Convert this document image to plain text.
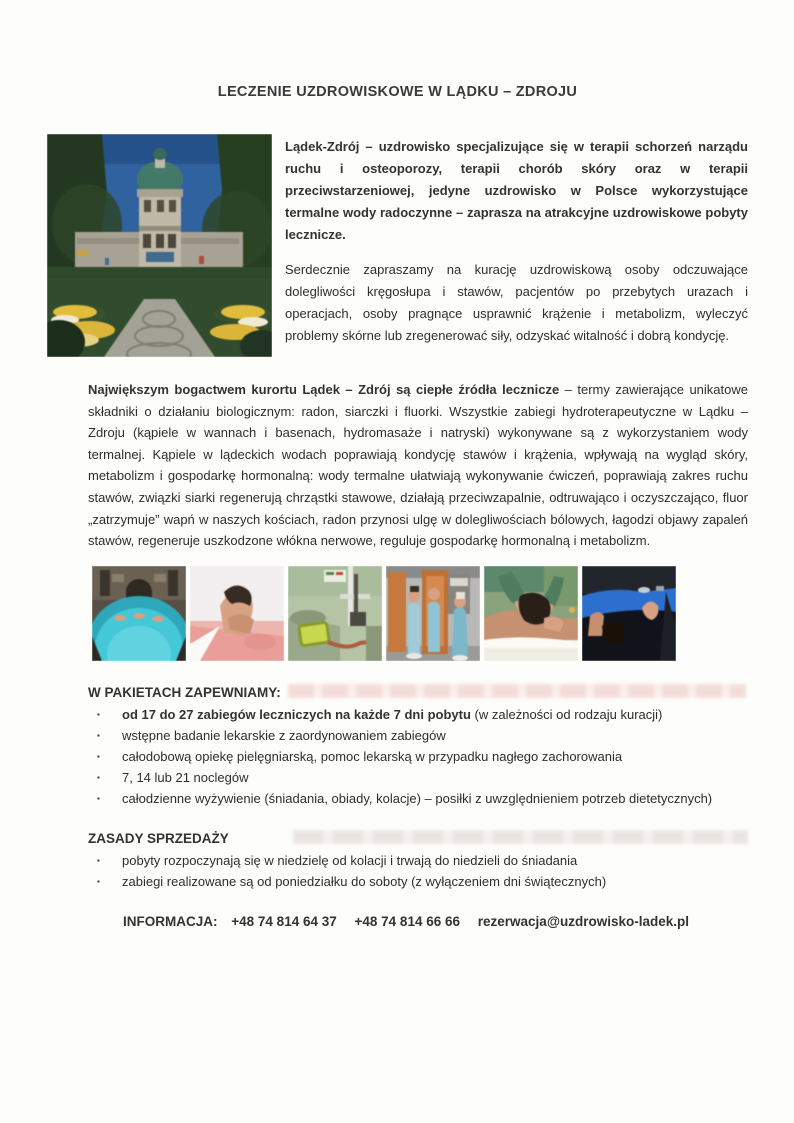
LECZENIE UZDROWISKOWE W LĄDKU – ZDROJU
Lądek-Zdrój – uzdrowisko specjalizujące się w terapii schorzeń narządu ruchu i osteoporozy, terapii chorób skóry oraz w terapii przeciwstarzeniowej, jedyne uzdrowisko w Polsce wykorzystujące termalne wody radoczynne – zaprasza na atrakcyjne uzdrowiskowe pobyty lecznicze.
Serdecznie zapraszamy na kurację uzdrowiskową osoby odczuwające dolegliwości kręgosłupa i stawów, pacjentów po przebytych urazach i operacjach, osoby pragnące usprawnić krążenie i metabolizm, wyleczyć problemy skórne lub zregenerować siły, odzyskać witalność i dobrą kondycję.
Największym bogactwem kurortu Lądek – Zdrój są ciepłe źródła lecznicze – termy zawierające unikatowe składniki o działaniu biologicznym: radon, siarczki i fluorki. Wszystkie zabiegi hydroterapeutyczne w Lądku – Zdroju (kąpiele w wannach i basenach, hydromasaże i natryski) wykonywane są z wykorzystaniem wody termalnej. Kąpiele w lądeckich wodach poprawiają kondycję stawów i krążenia, wpływają na wygląd skóry, metabolizm i gospodarkę hormonalną: wody termalne ułatwiają wykonywanie ćwiczeń, poprawiają zakres ruchu stawów, związki siarki regenerują chrząstki stawowe, działają przeciwzapalnie, odtruwająco i oczyszczająco, fluor „zatrzymuje” wapń w naszych kościach, radon przynosi ulgę w dolegliwościach bólowych, łagodzi objawy zapaleń stawów, regeneruje uszkodzone włókna nerwowe, reguluje gospodarkę hormonalną i metabolizm.
W PAKIETACH ZAPEWNIAMY:
▪	od 17 do 27 zabiegów leczniczych na każde 7 dni pobytu (w zależności od rodzaju kuracji)
▪	wstępne badanie lekarskie z zaordynowaniem zabiegów
▪	całodobową opiekę pielęgniarską, pomoc lekarską w przypadku nagłego zachorowania
▪	7, 14 lub 21 noclegów
▪	całodzienne wyżywienie (śniadania, obiady, kolacje) – posiłki z uwzględnieniem potrzeb dietetycznych)
ZASADY SPRZEDAŻY
▪	pobyty rozpoczynają się w niedzielę od kolacji i trwają do niedzieli do śniadania
▪	zabiegi realizowane są od poniedziałku do soboty (z wyłączeniem dni świątecznych)
INFORMACJA: +48 74 814 64 37 +48 74 814 66 66 rezerwacja@uzdrowisko-ladek.pl
